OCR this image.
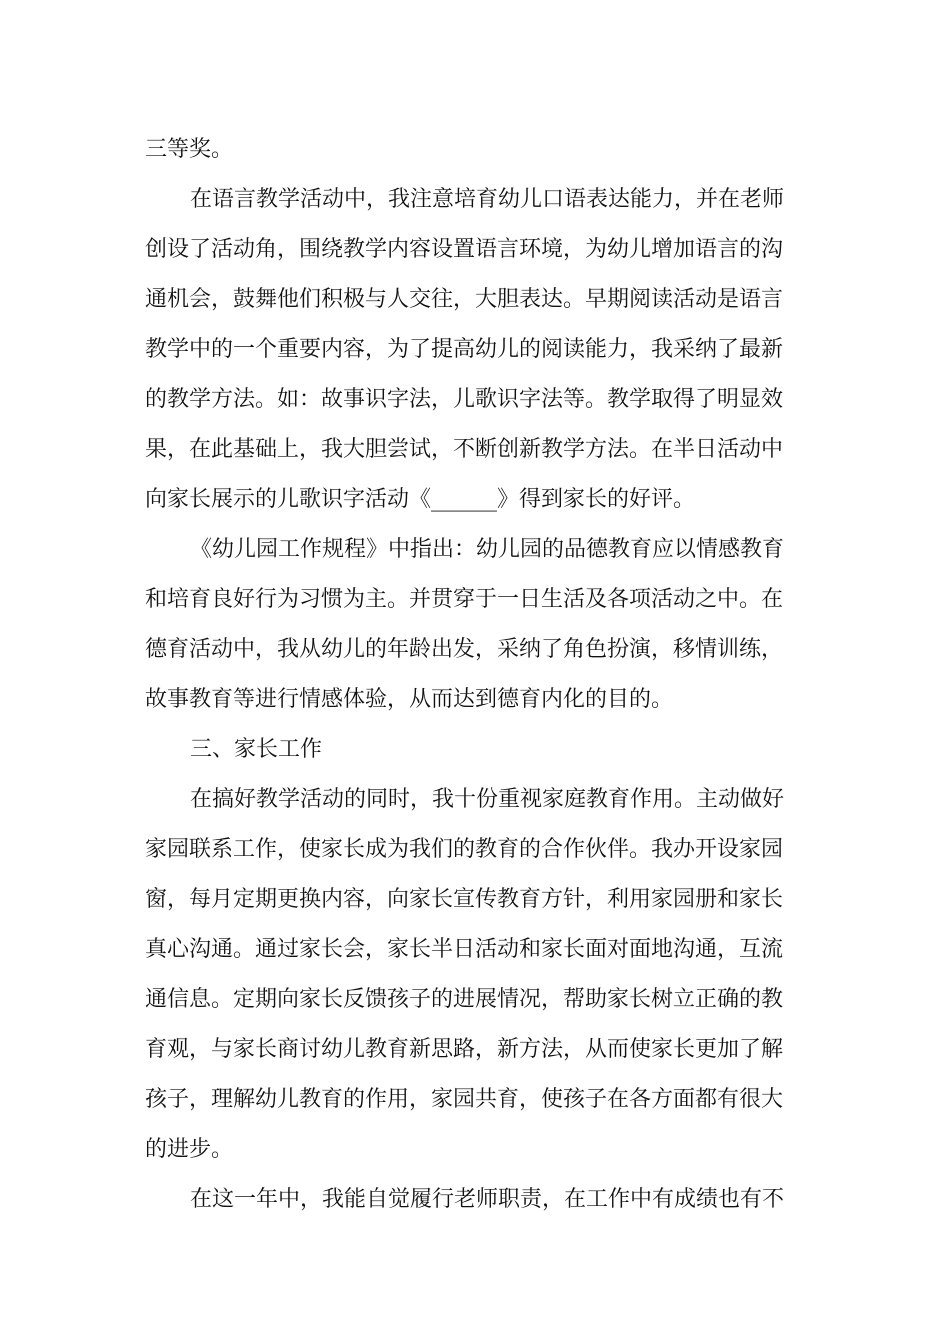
三等奖。

在语言教学活动中，我注意培育幼儿口语表达能力，并在老师

创设了活动角，围绕教学内容设置语言环境，为幼儿增加语言的沟

通机会，鼓舞他们积极与人交往，大胆表达。早期阅读活动是语言

教学中的一个重要内容，为了提高幼儿的阅读能力，我采纳了最新

的教学方法。如：故事识字法，儿歌识字法等。教学取得了明显效

果，在此基础上，我大胆尝试，不断创新教学方法。在半日活动中

向家长展示的儿歌识字活动《______》得到家长的好评。

《幼儿园工作规程》中指出：幼儿园的品德教育应以情感教育

和培育良好行为习惯为主。并贯穿于一日生活及各项活动之中。在

德育活动中，我从幼儿的年龄出发，采纳了角色扮演，移情训练，

故事教育等进行情感体验，从而达到德育内化的目的。

三、家长工作

在搞好教学活动的同时，我十份重视家庭教育作用。主动做好

家园联系工作，使家长成为我们的教育的合作伙伴。我办开设家园

窗，每月定期更换内容，向家长宣传教育方针，利用家园册和家长

真心沟通。通过家长会，家长半日活动和家长面对面地沟通，互流

通信息。定期向家长反馈孩子的进展情况，帮助家长树立正确的教

育观，与家长商讨幼儿教育新思路，新方法，从而使家长更加了解

孩子，理解幼儿教育的作用，家园共育，使孩子在各方面都有很大

的进步。

在这一年中，我能自觉履行老师职责，在工作中有成绩也有不
